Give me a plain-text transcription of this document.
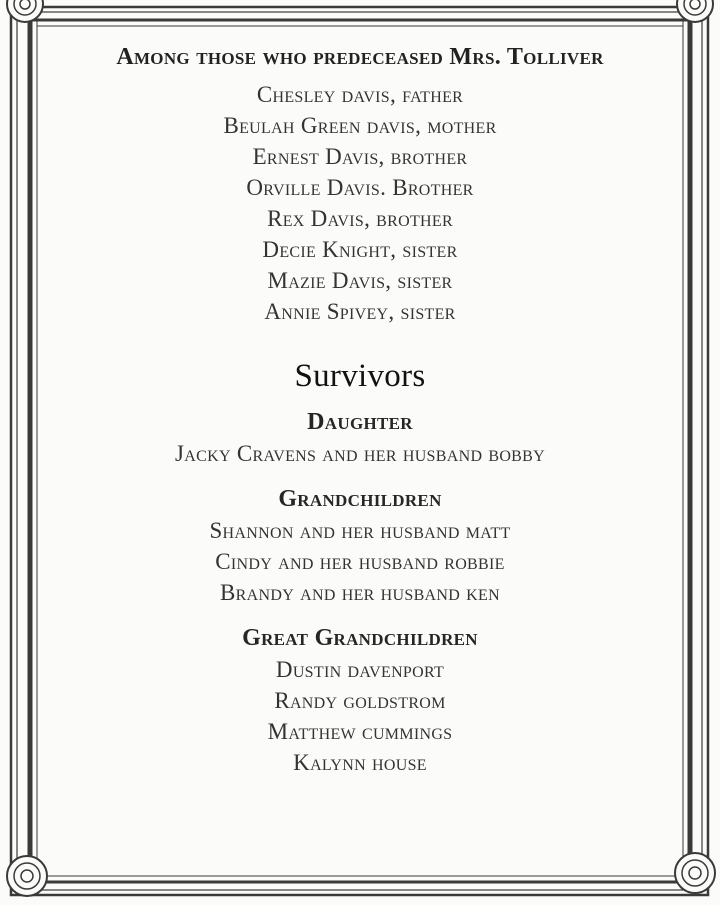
Among those who predeceased Mrs. Tolliver
Chesley davis, father
Beulah Green davis, mother
Ernest Davis, brother
Orville Davis. Brother
Rex Davis, brother
Decie Knight, sister
Mazie Davis, sister
Annie Spivey, sister
Survivors
Daughter
Jacky Cravens and her husband bobby
Grandchildren
Shannon and her husband matt
Cindy and her husband robbie
Brandy and her husband ken
Great Grandchildren
Dustin davenport
Randy goldstrom
Matthew cummings
Kalynn house
